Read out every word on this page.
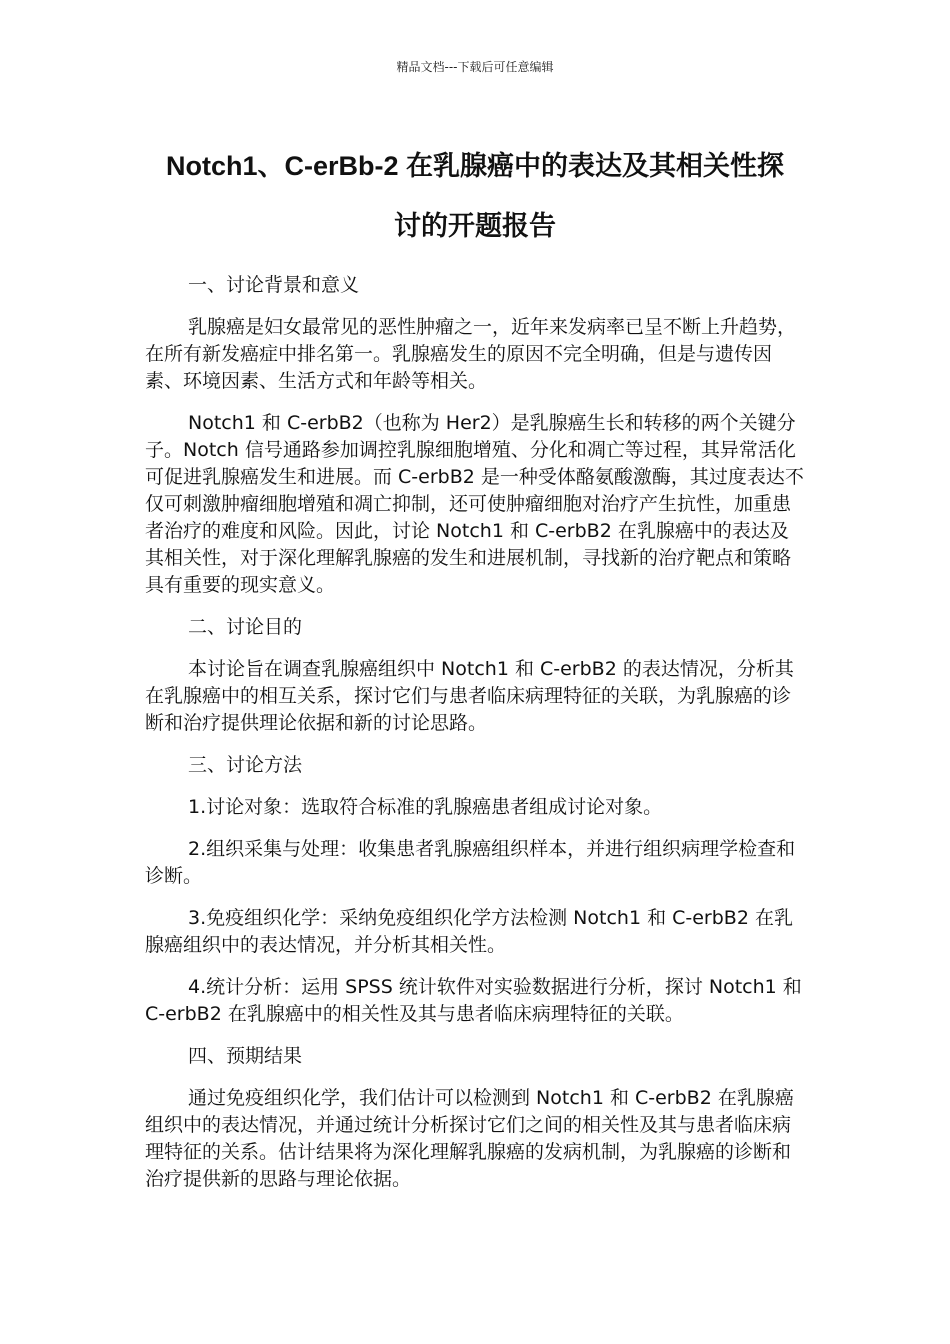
精品文档---下载后可任意编辑
Notch1、C-erBb-2 在乳腺癌中的表达及其相关性探
讨的开题报告

一、讨论背景和意义

乳腺癌是妇女最常见的恶性肿瘤之一，近年来发病率已呈不断上升趋势，在所有新发癌症中排名第一。乳腺癌发生的原因不完全明确，但是与遗传因素、环境因素、生活方式和年龄等相关。

Notch1 和 C-erbB2（也称为 Her2）是乳腺癌生长和转移的两个关键分子。Notch 信号通路参加调控乳腺细胞增殖、分化和凋亡等过程，其异常活化可促进乳腺癌发生和进展。而 C-erbB2 是一种受体酪氨酸激酶，其过度表达不仅可刺激肿瘤细胞增殖和凋亡抑制，还可使肿瘤细胞对治疗产生抗性，加重患者治疗的难度和风险。因此，讨论 Notch1 和 C-erbB2 在乳腺癌中的表达及其相关性，对于深化理解乳腺癌的发生和进展机制，寻找新的治疗靶点和策略具有重要的现实意义。

二、讨论目的

本讨论旨在调查乳腺癌组织中 Notch1 和 C-erbB2 的表达情况，分析其在乳腺癌中的相互关系，探讨它们与患者临床病理特征的关联，为乳腺癌的诊断和治疗提供理论依据和新的讨论思路。

三、讨论方法

1.讨论对象：选取符合标准的乳腺癌患者组成讨论对象。

2.组织采集与处理：收集患者乳腺癌组织样本，并进行组织病理学检查和诊断。

3.免疫组织化学：采纳免疫组织化学方法检测 Notch1 和 C-erbB2 在乳腺癌组织中的表达情况，并分析其相关性。

4.统计分析：运用 SPSS 统计软件对实验数据进行分析，探讨 Notch1 和 C-erbB2 在乳腺癌中的相关性及其与患者临床病理特征的关联。

四、预期结果

通过免疫组织化学，我们估计可以检测到 Notch1 和 C-erbB2 在乳腺癌组织中的表达情况，并通过统计分析探讨它们之间的相关性及其与患者临床病理特征的关系。估计结果将为深化理解乳腺癌的发病机制，为乳腺癌的诊断和治疗提供新的思路与理论依据。
